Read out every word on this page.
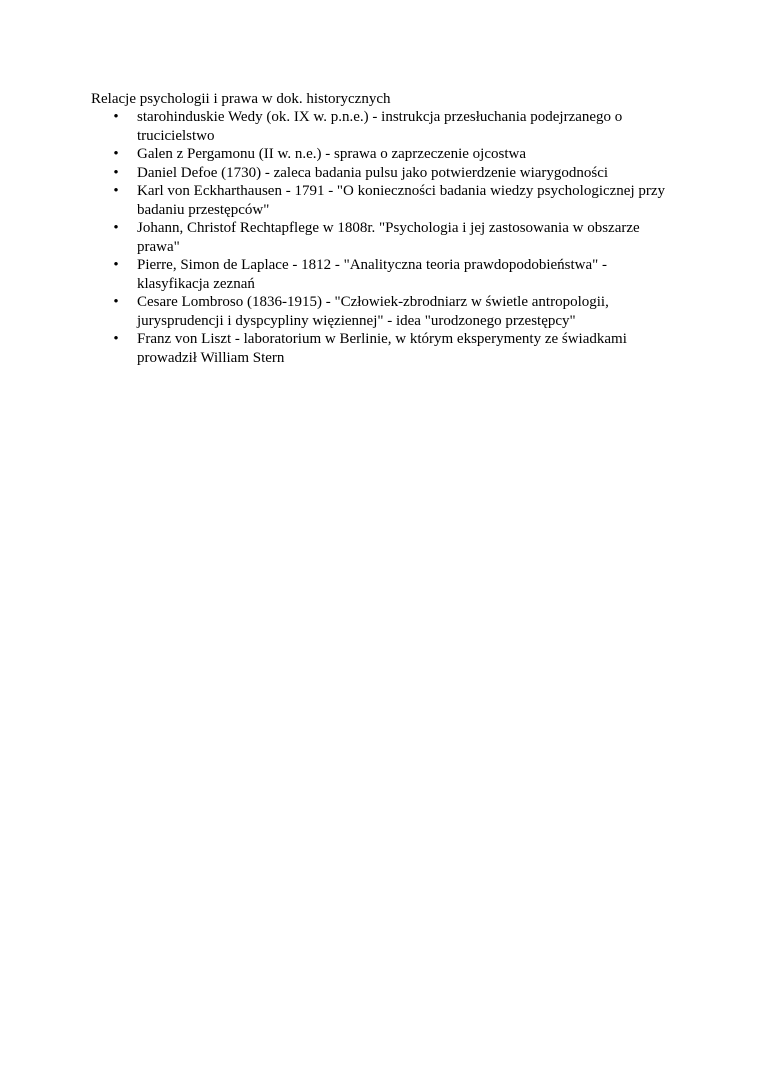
Relacje psychologii i prawa w dok. historycznych

• starohinduskie Wedy (ok. IX w. p.n.e.) - instrukcja przesłuchania podejrzanego o trucicielstwo
• Galen z Pergamonu (II w. n.e.) - sprawa o zaprzeczenie ojcostwa
• Daniel Defoe (1730) - zaleca badania pulsu jako potwierdzenie wiarygodności
• Karl von Eckharthausen - 1791 - "O konieczności badania wiedzy psychologicznej przy badaniu przestępców"
• Johann, Christof Rechtapflege w 1808r. "Psychologia i jej zastosowania w obszarze prawa"
• Pierre, Simon de Laplace - 1812 - "Analityczna teoria prawdopodobieństwa" - klasyfikacja zeznań
• Cesare Lombroso (1836-1915) - "Człowiek-zbrodniarz w świetle antropologii, jurysprudencji i dyspcypliny więziennej" - idea "urodzonego przestępcy"
• Franz von Liszt - laboratorium w Berlinie, w którym eksperymenty ze świadkami prowadził William Stern
